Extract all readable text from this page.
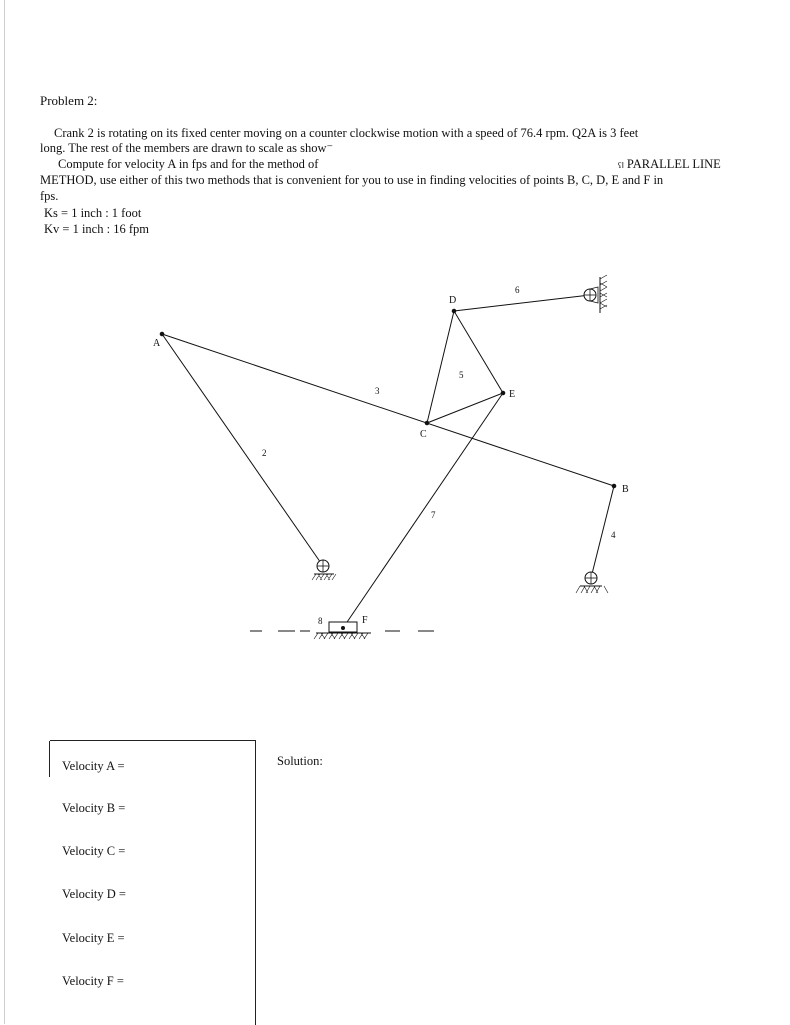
Problem 2:
Crank 2 is rotating on its fixed center moving on a counter clockwise motion with a speed of 76.4 rpm. Q2A is 3 feet
long. The rest of the members are drawn to scale as show⁻
Compute for velocity A in fps and for the method of	ʕ‖ PARALLEL LINE
METHOD, use either of this two methods that is convenient for you to use in finding velocities of points B, C, D, E and F in
fps.
Ks = 1 inch : 1 foot
Kv = 1 inch : 16 fpm
A
D
C
E
B
F
2
3
4
5
6
7
8
Velocity A =
Velocity B =
Velocity C =
Velocity D =
Velocity E =
Velocity F =
Solution:
